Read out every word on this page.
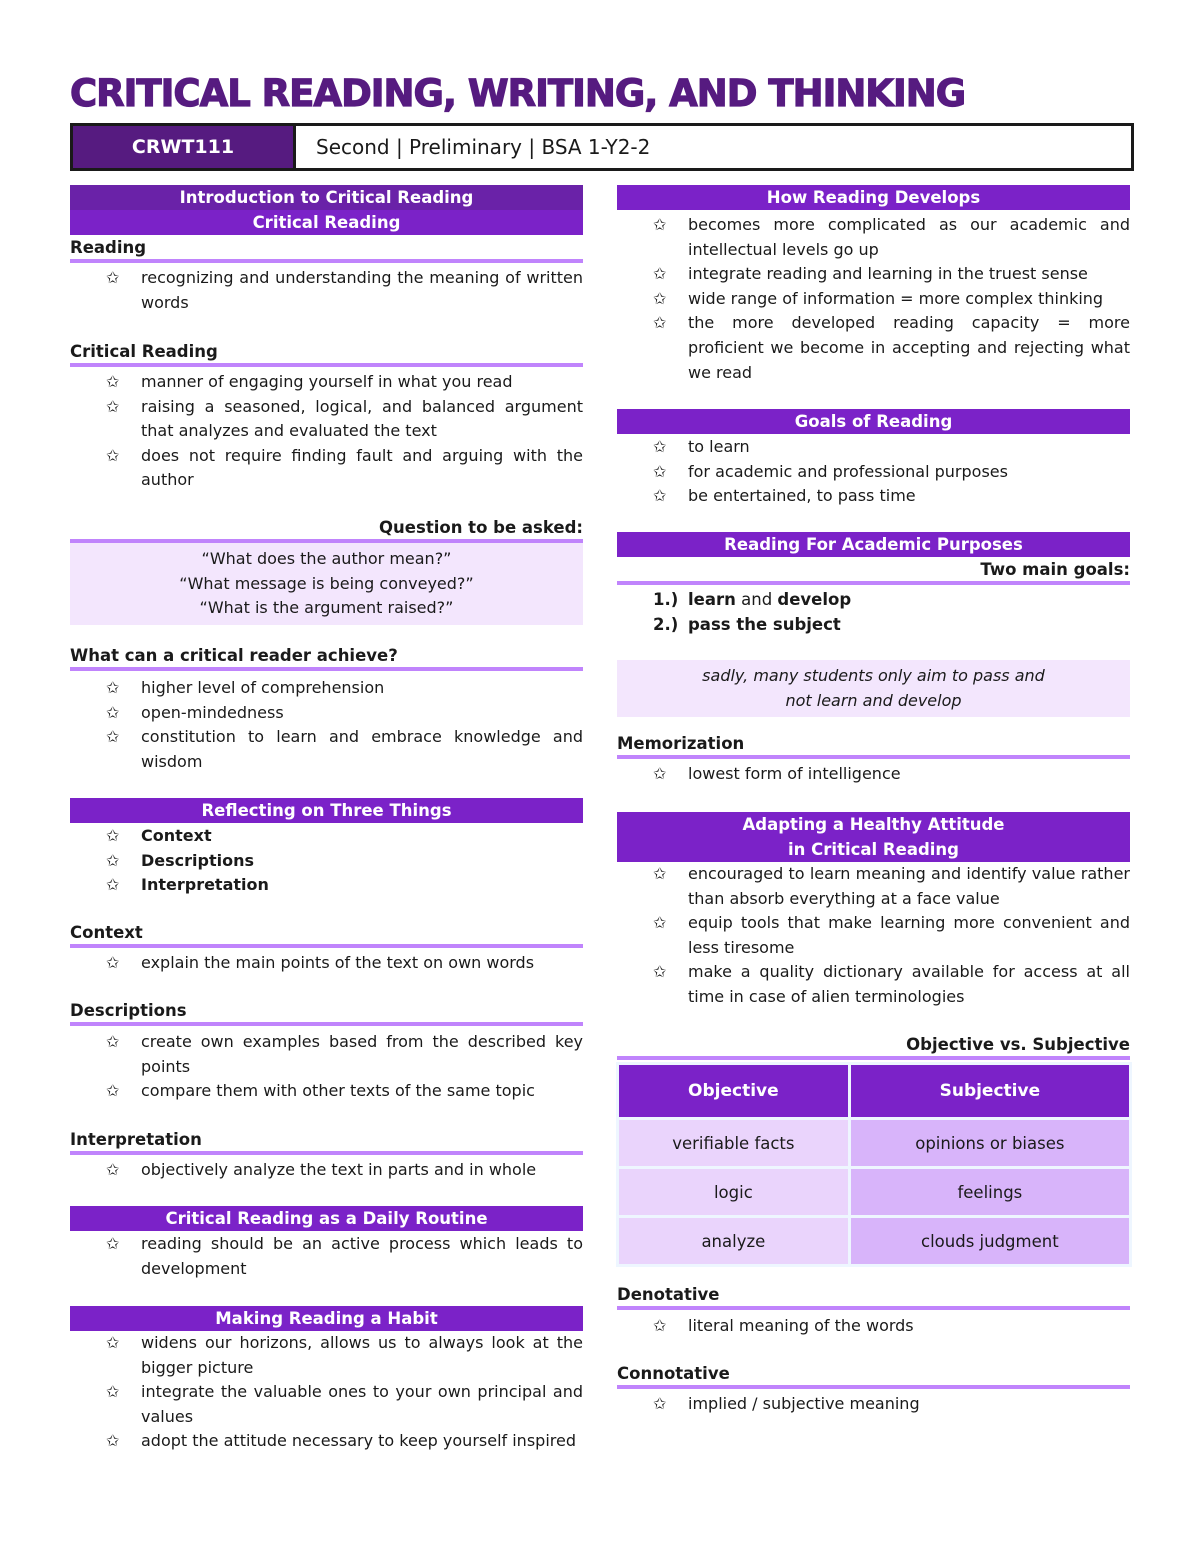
CRITICAL READING, WRITING, AND THINKING
CRWT111	Second | Preliminary | BSA 1-Y2-2
Introduction to Critical Reading
Critical Reading
Reading
✩ recognizing and understanding the meaning of written words
Critical Reading
✩ manner of engaging yourself in what you read
✩ raising a seasoned, logical, and balanced argument that analyzes and evaluated the text
✩ does not require finding fault and arguing with the author
Question to be asked:
“What does the author mean?”
“What message is being conveyed?”
“What is the argument raised?”
What can a critical reader achieve?
✩ higher level of comprehension
✩ open-mindedness
✩ constitution to learn and embrace knowledge and wisdom
Reflecting on Three Things
✩ Context
✩ Descriptions
✩ Interpretation
Context
✩ explain the main points of the text on own words
Descriptions
✩ create own examples based from the described key points
✩ compare them with other texts of the same topic
Interpretation
✩ objectively analyze the text in parts and in whole
Critical Reading as a Daily Routine
✩ reading should be an active process which leads to development
Making Reading a Habit
✩ widens our horizons, allows us to always look at the bigger picture
✩ integrate the valuable ones to your own principal and values
✩ adopt the attitude necessary to keep yourself inspired
How Reading Develops
✩ becomes more complicated as our academic and intellectual levels go up
✩ integrate reading and learning in the truest sense
✩ wide range of information = more complex thinking
✩ the more developed reading capacity = more proficient we become in accepting and rejecting what we read
Goals of Reading
✩ to learn
✩ for academic and professional purposes
✩ be entertained, to pass time
Reading For Academic Purposes
Two main goals:
1.) learn and develop
2.) pass the subject
sadly, many students only aim to pass and
not learn and develop
Memorization
✩ lowest form of intelligence
Adapting a Healthy Attitude
in Critical Reading
✩ encouraged to learn meaning and identify value rather than absorb everything at a face value
✩ equip tools that make learning more convenient and less tiresome
✩ make a quality dictionary available for access at all time in case of alien terminologies
Objective vs. Subjective
Objective	Subjective
verifiable facts	opinions or biases
logic	feelings
analyze	clouds judgment
Denotative
✩ literal meaning of the words
Connotative
✩ implied / subjective meaning
